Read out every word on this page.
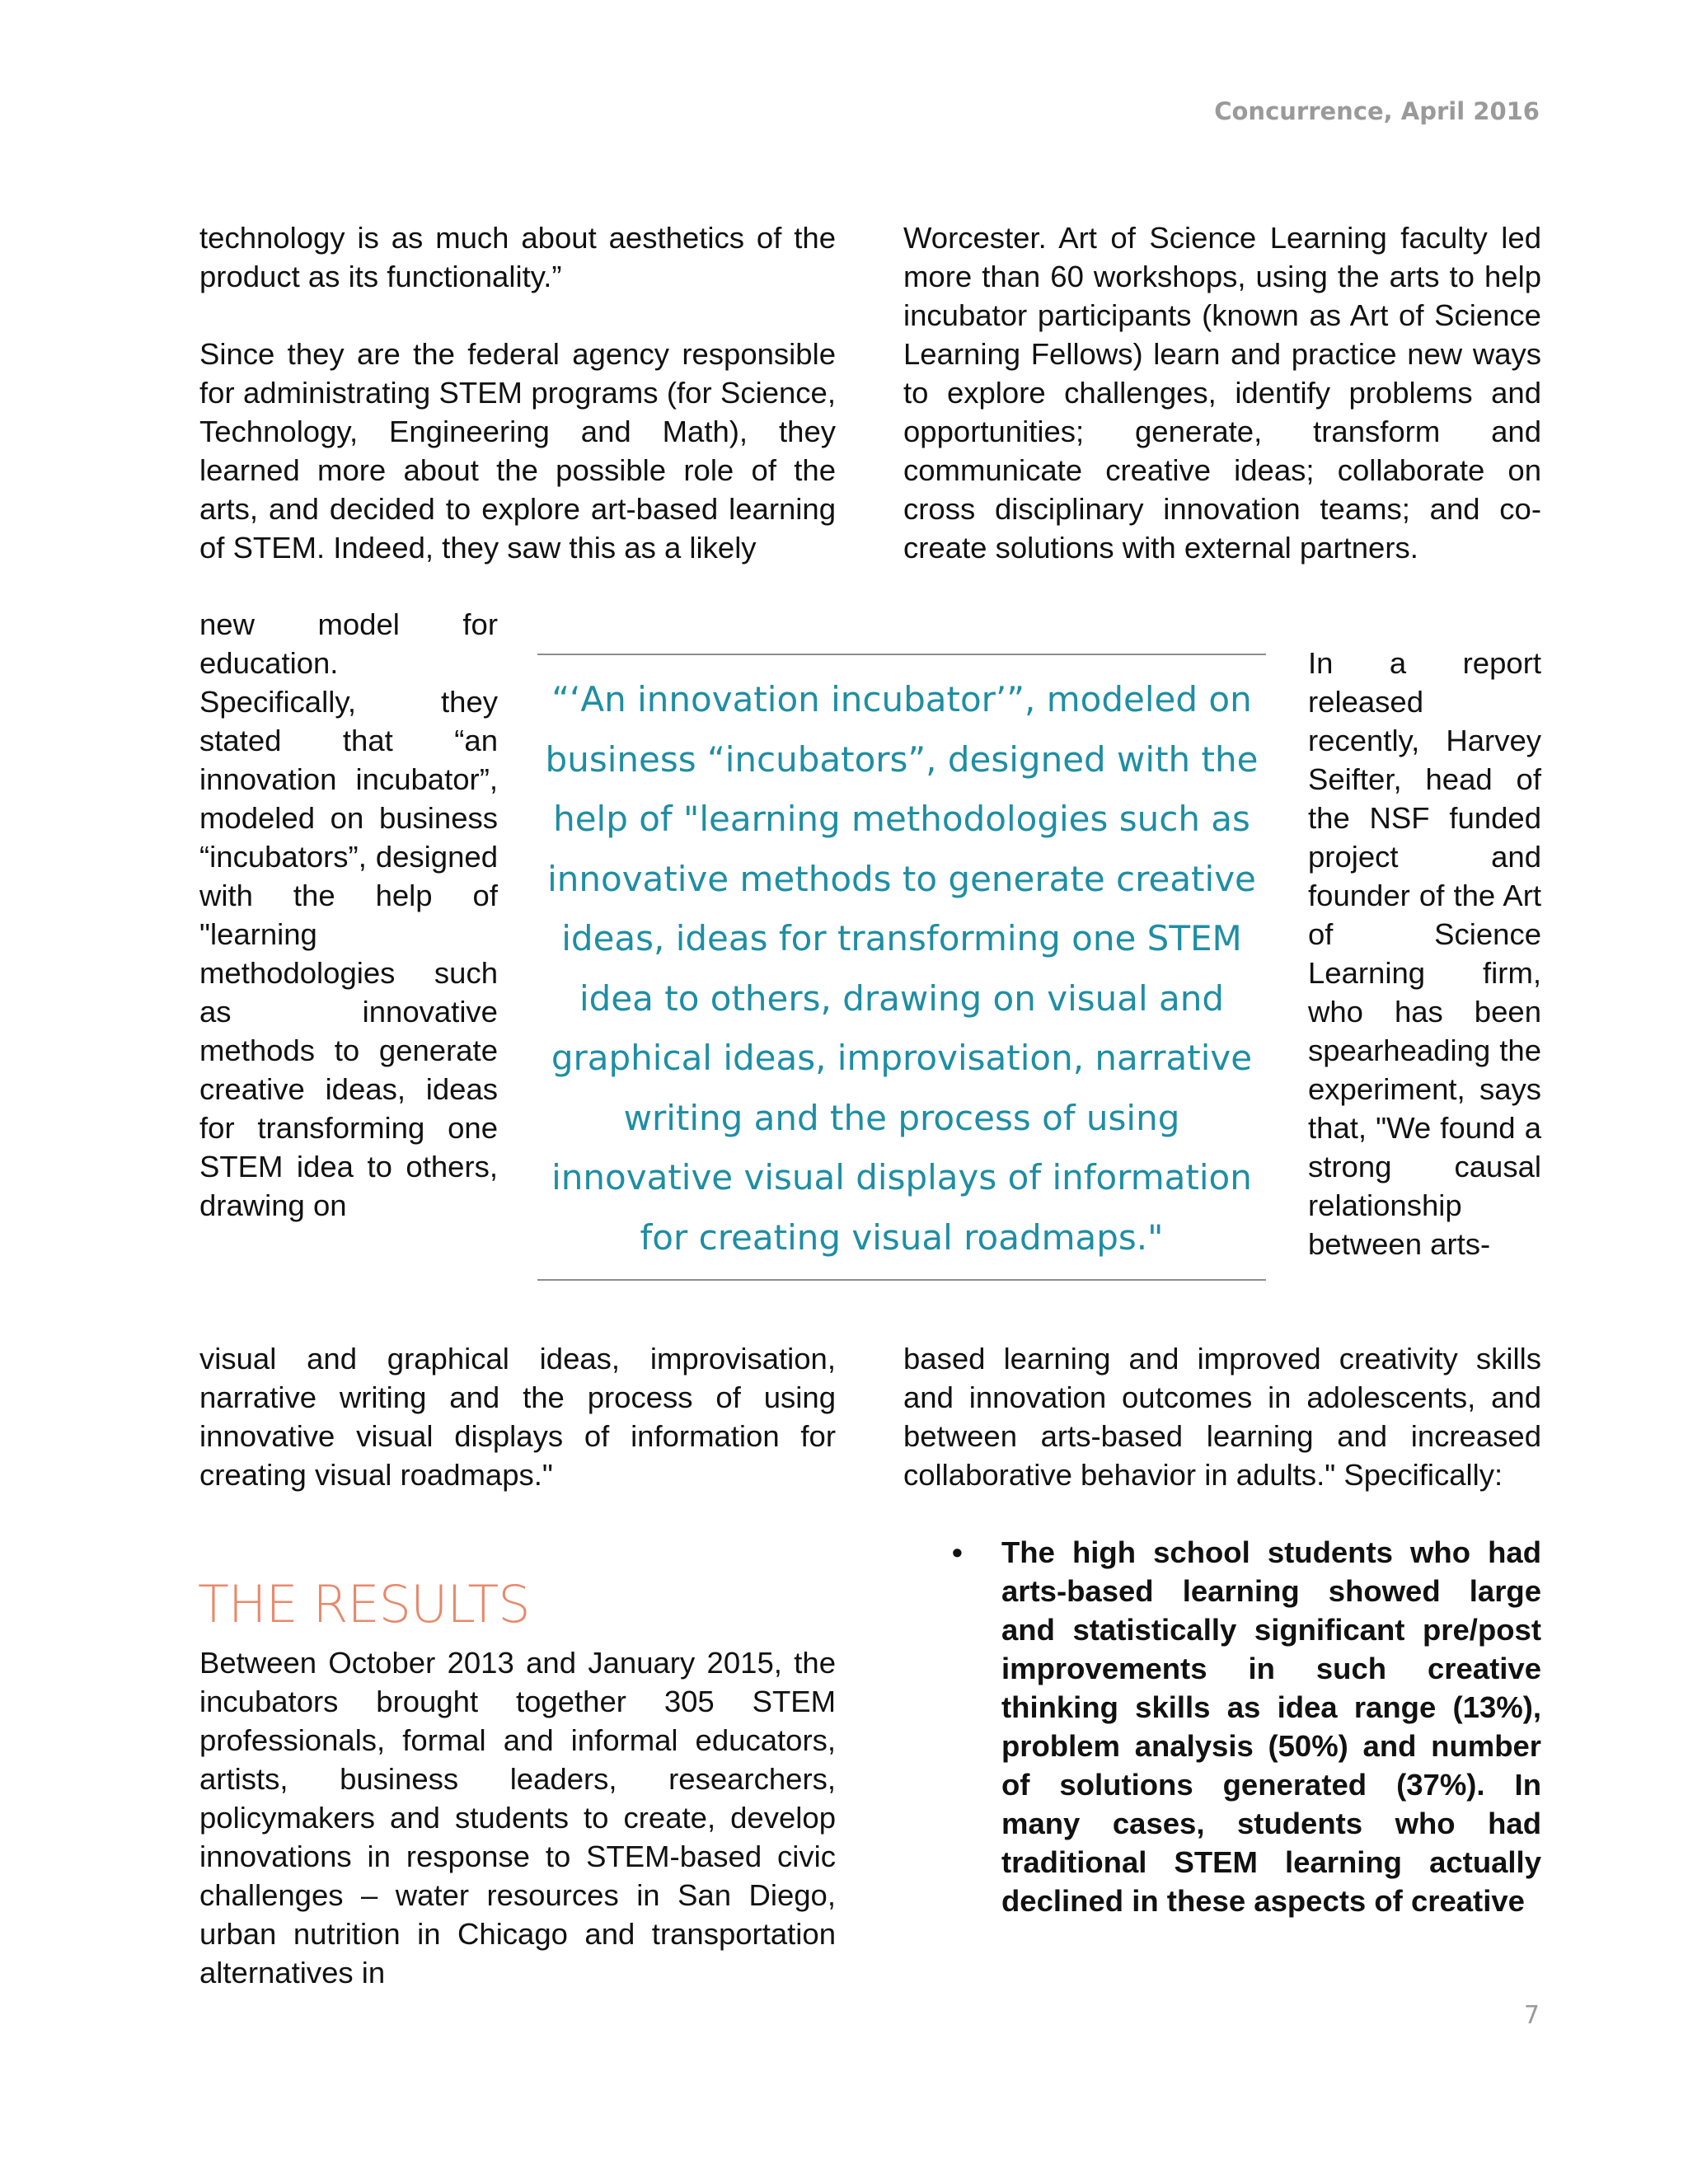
Concurrence, April 2016

technology is as much about aesthetics of the product as its functionality.”

Since they are the federal agency responsible for administrating STEM programs (for Science, Technology, Engineering and Math), they learned more about the possible role of the arts, and decided to explore art-based learning of STEM. Indeed, they saw this as a likely

new model for education. Specifically, they stated that “an innovation incubator”, modeled on business “incubators”, designed with the help of "learning methodologies such as innovative methods to generate creative ideas, ideas for transforming one STEM idea to others, drawing on

visual and graphical ideas, improvisation, narrative writing and the process of using innovative visual displays of information for creating visual roadmaps."

Worcester. Art of Science Learning faculty led more than 60 workshops, using the arts to help incubator participants (known as Art of Science Learning Fellows) learn and practice new ways to explore challenges, identify problems and opportunities; generate, transform and communicate creative ideas; collaborate on cross disciplinary innovation teams; and co-create solutions with external partners.

In a report released recently, Harvey Seifter, head of the NSF funded project and founder of the Art of Science Learning firm, who has been spearheading the experiment, says that, "We found a strong causal relationship between arts-

based learning and improved creativity skills and innovation outcomes in adolescents, and between arts-based learning and increased collaborative behavior in adults." Specifically:

“‘An innovation incubator’”, modeled on business “incubators”, designed with the help of "learning methodologies such as innovative methods to generate creative ideas, ideas for transforming one STEM idea to others, drawing on visual and graphical ideas, improvisation, narrative writing and the process of using innovative visual displays of information for creating visual roadmaps."

THE RESULTS

Between October 2013 and January 2015, the incubators brought together 305 STEM professionals, formal and informal educators, artists, business leaders, researchers, policymakers and students to create, develop innovations in response to STEM-based civic challenges – water resources in San Diego, urban nutrition in Chicago and transportation alternatives in

• The high school students who had arts-based learning showed large and statistically significant pre/post improvements in such creative thinking skills as idea range (13%), problem analysis (50%) and number of solutions generated (37%). In many cases, students who had traditional STEM learning actually declined in these aspects of creative
7
